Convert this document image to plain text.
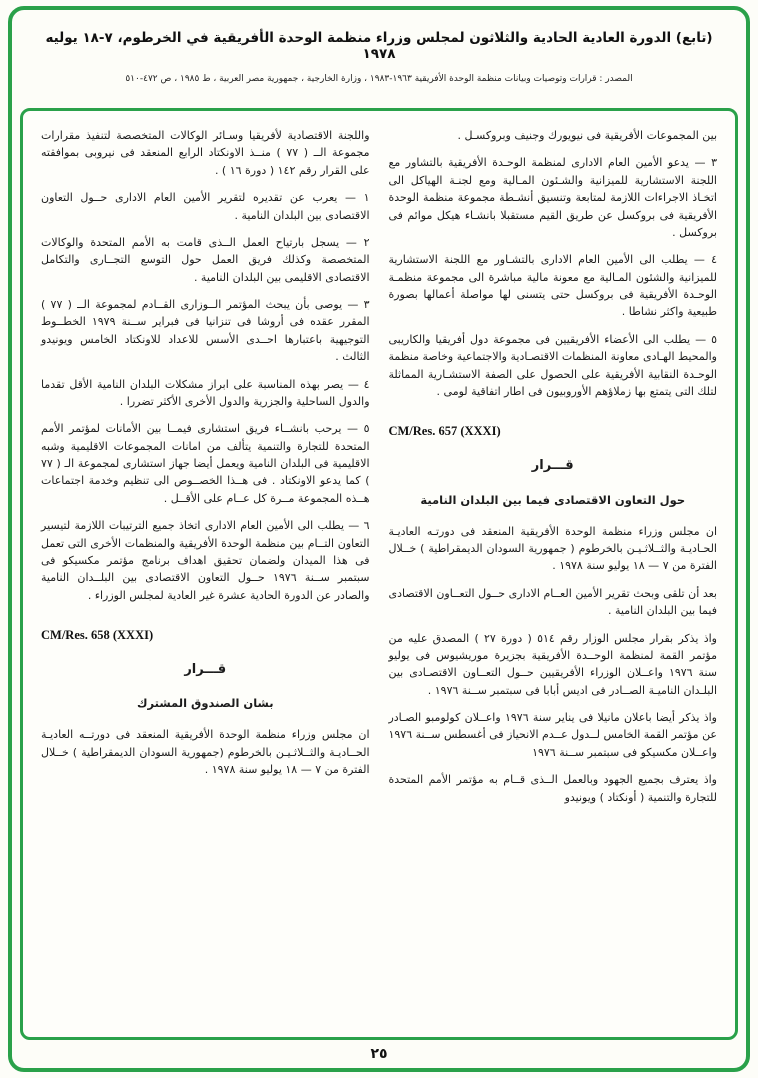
(تابع) الدورة العادية الحادية والثلاثون لمجلس وزراء منظمة الوحدة الأفريقية في الخرطوم، ٧-١٨ يوليه ١٩٧٨
المصدر : قرارات وتوصيات وبيانات منظمة الوحدة الأفريقية ١٩٦٣-١٩٨٣ ، وزارة الخارجية ، جمهورية مصر العربية ، ط ١٩٨٥ ، ص ٤٧٢-٥١٠
بين المجموعات الأفريقية فى نيويورك وجنيف وبروكسـل .
٣ — يدعو الأمين العام الادارى لمنظمة الوحـدة الأفريقية بالتشاور مع اللجنة الاستشارية للميزانية والشـئون المـالية ومع لجنـة الهياكل الى اتخـاذ الاجراءات اللازمة لمتابعة وتنسيق أنشـطة مجموعة منظمة الوحدة الأفريقية فى بروكسل عن طريق القيم مستقبلا بانشـاء هيكل موائم فى بروكسل .
٤ — يطلب الى الأمين العام الادارى بالتشـاور مع اللجنة الاستشارية للميزانية والشئون المـالية مع معونة مالية مباشرة الى مجموعة منظمـة الوحـدة الأفريقية فى بروكسل حتى يتسنى لها مواصلة أعمالها بصورة طبيعية واكثر نشاطا .
٥ — يطلب الى الأعضاء الأفريقيين فى مجموعة دول أفريقيا والكاريبى والمحيط الهـادى معاونة المنظمات الاقتصـادية والاجتماعية وخاصة منظمة الوحـدة النقابية الأفريقية على الحصول على الصفة الاستشـارية المماثلة لتلك التى يتمتع بها زملاؤهم الأوروبيون فى اطار اتفاقية لومى .
CM/Res. 657 (XXXI)
قـــرار
حول التعاون الاقتصادى فيما بين البلدان النامية
ان مجلس وزراء منظمة الوحدة الأفريقية المنعقد فى دورتـه العاديـة الحـاديـة والثــلاثـيـن بالخرطوم ( جمهورية السودان الديمقراطية ) خــلال الفترة من ٧ — ١٨ يوليو سنة ١٩٧٨ .
بعد أن تلقى وبحث تقرير الأمين العــام الادارى حــول التعــاون الاقتصادى فيما بين البلدان النامية .
واذ يذكر بقرار مجلس الوزار رقم ٥١٤ ( دورة ٢٧ ) المصدق عليه من مؤتمر القمة لمنظمة الوحــدة الأفريقية بجزيرة موريشيوس فى يوليو سنة ١٩٧٦ واعــلان الوزراء الأفريقيين حــول التعــاون الاقتصـادى بين البلـدان الناميـة الصــادر فى اديس أبابا فى سبتمبر ســنة ١٩٧٦ .
واذ يذكر أيضا باعلان مانيلا فى يناير سنة ١٩٧٦ واعــلان كولومبو الصـادر عن مؤتمر القمة الخامس لــدول عــدم الانحياز فى أغسطس ســنة ١٩٧٦ واعــلان مكسيكو فى سبتمبر ســنة ١٩٧٦
واذ يعترف بجميع الجهود وبالعمل الــذى قــام به مؤتمر الأمم المتحدة للتجارة والتنمية ( أونكتاد ) ويونيدو
واللجنة الاقتصادية لأفريقيا وسـائر الوكالات المتخصصة لتنفيذ مقرارات مجموعة الــ ( ٧٧ ) منــذ الاونكتاد الرابع المنعقد فى نيروبى بموافقته على القرار رقم ١٤٢ ( دورة ١٦ ) .
١ — يعرب عن تقديره لتقرير الأمين العام الادارى حــول التعاون الاقتصادى بين البلدان النامية .
٢ — يسجل بارتياح العمل الــذى قامت به الأمم المتحدة والوكالات المتخصصة وكذلك فريق العمل حول التوسع التجــارى والتكامل الاقتصادى الاقليمى بين البلدان النامية .
٣ — يوصى بأن يبحث المؤتمر الــوزارى القــادم لمجموعة الــ ( ٧٧ ) المقرر عقده فى أروشا فى تنزانيا فى فبراير ســنة ١٩٧٩ الخطــوط التوجيهية باعتبارها احــدى الأسس للاعداد للاونكتاد الخامس ويونيدو الثالث .
٤ — يصر بهذه المناسبة على ابراز مشكلات البلدان النامية الأقل تقدما والدول الساحلية والجزرية والدول الأخرى الأكثر تضررا .
٥ — يرحب بانشــاء فريق استشارى فيمــا بين الأمانات لمؤتمر الأمم المتحدة للتجارة والتنمية يتألف من امانات المجموعات الاقليمية وشبه الاقليمية فى البلدان النامية ويعمل أيضا جهاز استشارى لمجموعة الـ ( ٧٧ ) كما يدعو الاونكتاد . فى هــذا الخصــوص الى تنظيم وخدمة اجتماعات هــذه المجموعة مــرة كل عــام على الأقــل .
٦ — يطلب الى الأمين العام الادارى اتخاذ جميع الترتيبات اللازمة لتيسير التعاون التــام بين منظمة الوحدة الأفريقية والمنظمات الأخرى التى تعمل فى هذا الميدان ولضمان تحقيق اهداف برنامج مؤتمر مكسيكو فى سبتمبر ســنة ١٩٧٦ حــول التعاون الاقتصادى بين البلــدان النامية والصادر عن الدورة الحادية عشرة غير العادية لمجلس الوزراء .
CM/Res. 658 (XXXI)
قـــرار
بشان الصندوق المشترك
ان مجلس وزراء منظمة الوحدة الأفريقية المنعقد فى دورتــه العاديـة الحــاديـة والثــلاثـيـن بالخرطوم (جمهورية السودان الديمقراطية ) خــلال الفترة من ٧ — ١٨ يوليو سنة ١٩٧٨ .
٢٥
